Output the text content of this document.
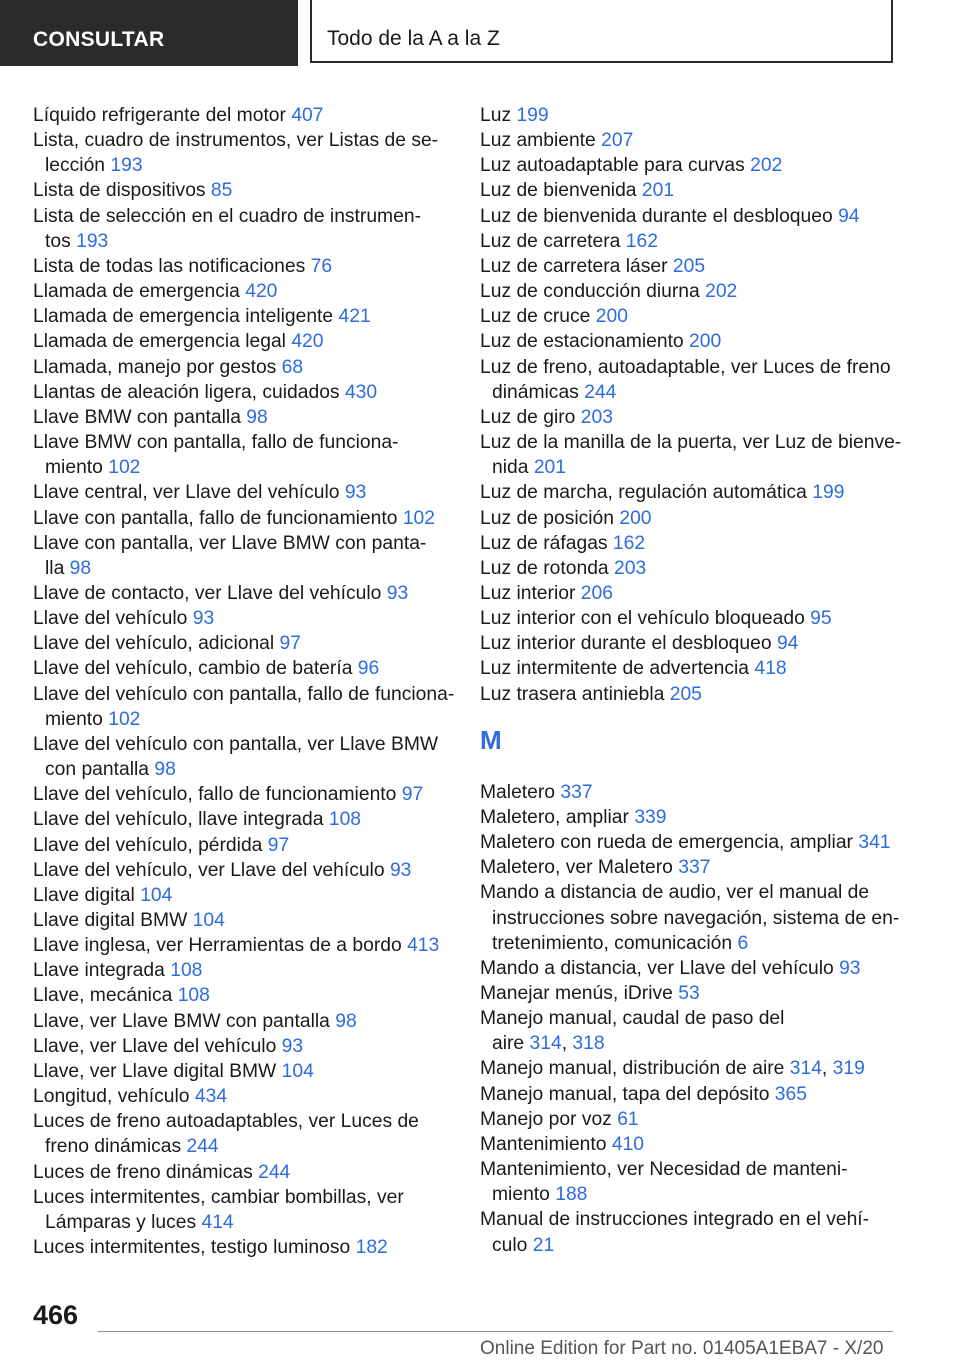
CONSULTAR	Todo de la A a la Z
Líquido refrigerante del motor 407
Lista, cuadro de instrumentos, ver Listas de se-
lección 193
Lista de dispositivos 85
Lista de selección en el cuadro de instrumen-
tos 193
Lista de todas las notificaciones 76
Llamada de emergencia 420
Llamada de emergencia inteligente 421
Llamada de emergencia legal 420
Llamada, manejo por gestos 68
Llantas de aleación ligera, cuidados 430
Llave BMW con pantalla 98
Llave BMW con pantalla, fallo de funciona-
miento 102
Llave central, ver Llave del vehículo 93
Llave con pantalla, fallo de funcionamiento 102
Llave con pantalla, ver Llave BMW con panta-
lla 98
Llave de contacto, ver Llave del vehículo 93
Llave del vehículo 93
Llave del vehículo, adicional 97
Llave del vehículo, cambio de batería 96
Llave del vehículo con pantalla, fallo de funciona-
miento 102
Llave del vehículo con pantalla, ver Llave BMW
con pantalla 98
Llave del vehículo, fallo de funcionamiento 97
Llave del vehículo, llave integrada 108
Llave del vehículo, pérdida 97
Llave del vehículo, ver Llave del vehículo 93
Llave digital 104
Llave digital BMW 104
Llave inglesa, ver Herramientas de a bordo 413
Llave integrada 108
Llave, mecánica 108
Llave, ver Llave BMW con pantalla 98
Llave, ver Llave del vehículo 93
Llave, ver Llave digital BMW 104
Longitud, vehículo 434
Luces de freno autoadaptables, ver Luces de
freno dinámicas 244
Luces de freno dinámicas 244
Luces intermitentes, cambiar bombillas, ver
Lámparas y luces 414
Luces intermitentes, testigo luminoso 182
Luz 199
Luz ambiente 207
Luz autoadaptable para curvas 202
Luz de bienvenida 201
Luz de bienvenida durante el desbloqueo 94
Luz de carretera 162
Luz de carretera láser 205
Luz de conducción diurna 202
Luz de cruce 200
Luz de estacionamiento 200
Luz de freno, autoadaptable, ver Luces de freno
dinámicas 244
Luz de giro 203
Luz de la manilla de la puerta, ver Luz de bienve-
nida 201
Luz de marcha, regulación automática 199
Luz de posición 200
Luz de ráfagas 162
Luz de rotonda 203
Luz interior 206
Luz interior con el vehículo bloqueado 95
Luz interior durante el desbloqueo 94
Luz intermitente de advertencia 418
Luz trasera antiniebla 205
M
Maletero 337
Maletero, ampliar 339
Maletero con rueda de emergencia, ampliar 341
Maletero, ver Maletero 337
Mando a distancia de audio, ver el manual de
instrucciones sobre navegación, sistema de en-
tretenimiento, comunicación 6
Mando a distancia, ver Llave del vehículo 93
Manejar menús, iDrive 53
Manejo manual, caudal de paso del
aire 314, 318
Manejo manual, distribución de aire 314, 319
Manejo manual, tapa del depósito 365
Manejo por voz 61
Mantenimiento 410
Mantenimiento, ver Necesidad de manteni-
miento 188
Manual de instrucciones integrado en el vehí-
culo 21
466
Online Edition for Part no. 01405A1EBA7 - X/20
